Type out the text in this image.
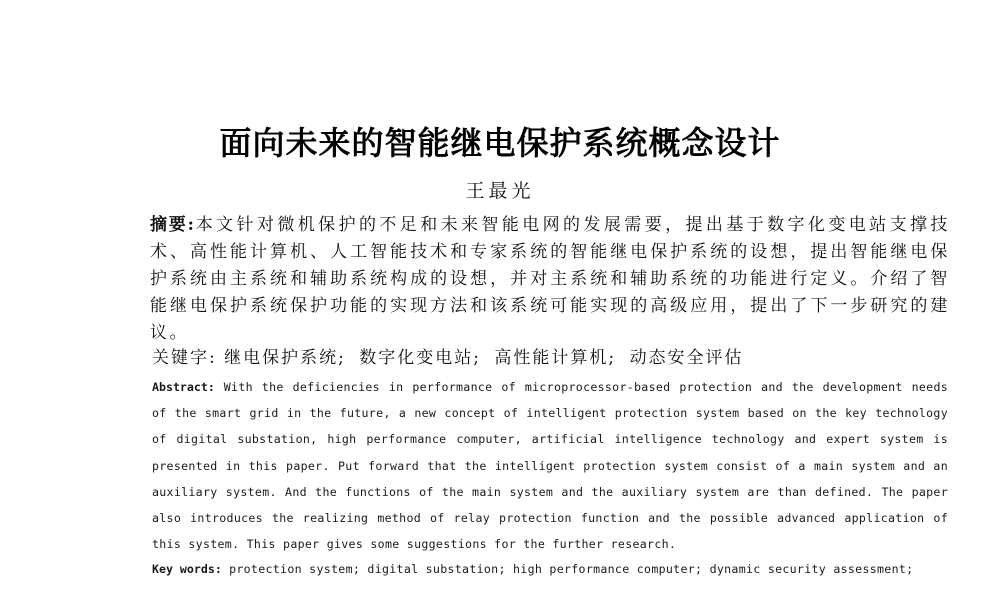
面向未来的智能继电保护系统概念设计
王最光
摘要:本文针对微机保护的不足和未来智能电网的发展需要，提出基于数字化变电站支撑技术、高性能计算机、人工智能技术和专家系统的智能继电保护系统的设想，提出智能继电保护系统由主系统和辅助系统构成的设想，并对主系统和辅助系统的功能进行定义。介绍了智能继电保护系统保护功能的实现方法和该系统可能实现的高级应用，提出了下一步研究的建议。
关键字: 继电保护系统; 数字化变电站; 高性能计算机; 动态安全评估
Abstract: With the deficiencies in performance of microprocessor-based protection and the development needs of the smart grid in the future, a new concept of intelligent protection system based on the key technology of digital substation, high performance computer, artificial intelligence technology and expert system is presented in this paper. Put forward that the intelligent protection system consist of a main system and an auxiliary system. And the functions of the main system and the auxiliary system are than defined. The paper also introduces the realizing method of relay protection function and the possible advanced application of this system. This paper gives some suggestions for the further research.
Key words: protection system; digital substation; high performance computer; dynamic security assessment;
